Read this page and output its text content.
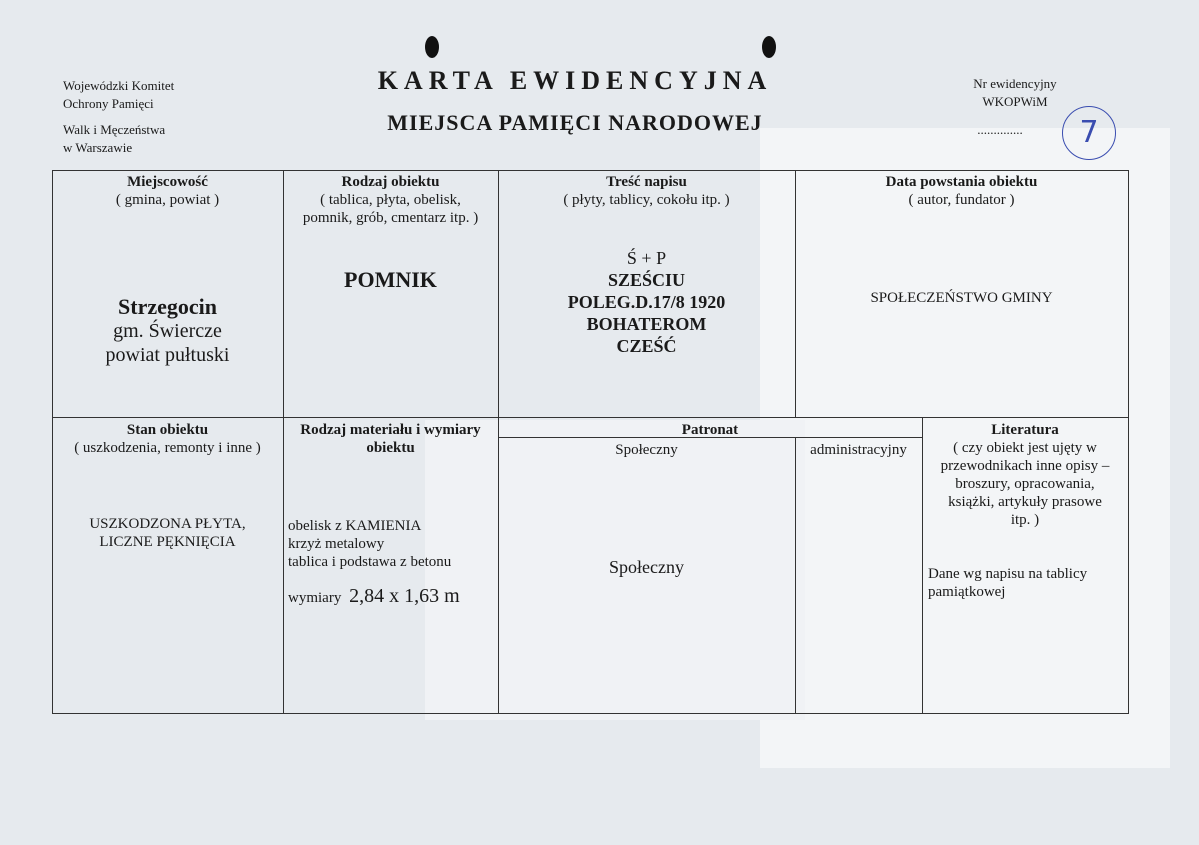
Wojewódzki Komitet
Ochrony Pamięci
Walk i Męczeństwa
w Warszawie
KARTA EWIDENCYJNA
MIEJSCA PAMIĘCI NARODOWEJ
Nr ewidencyjny
WKOPWiM
..............	7
Miejscowość
( gmina, powiat )
Strzegocin
gm. Świercze
powiat pułtuski
Rodzaj obiektu
( tablica, płyta, obelisk,
pomnik, grób, cmentarz itp. )
POMNIK
Treść napisu
( płyty, tablicy, cokołu itp. )
Ś + P
SZEŚCIU
POLEG.D.17/8 1920
BOHATEROM
CZEŚĆ
Data powstania obiektu
( autor, fundator )
SPOŁECZEŃSTWO GMINY
Stan obiektu
( uszkodzenia, remonty i inne )
USZKODZONA PŁYTA,
LICZNE PĘKNIĘCIA
Rodzaj materiału i wymiary
obiektu
obelisk z KAMIENIA
krzyż metalowy
tablica i podstawa z betonu
wymiary 2,84 x 1,63 m
Patronat
Społeczny	administracyjny
Społeczny
Literatura
( czy obiekt jest ujęty w
przewodnikach inne opisy –
broszury, opracowania,
książki, artykuły prasowe
itp. )
Dane wg napisu na tablicy
pamiątkowej
